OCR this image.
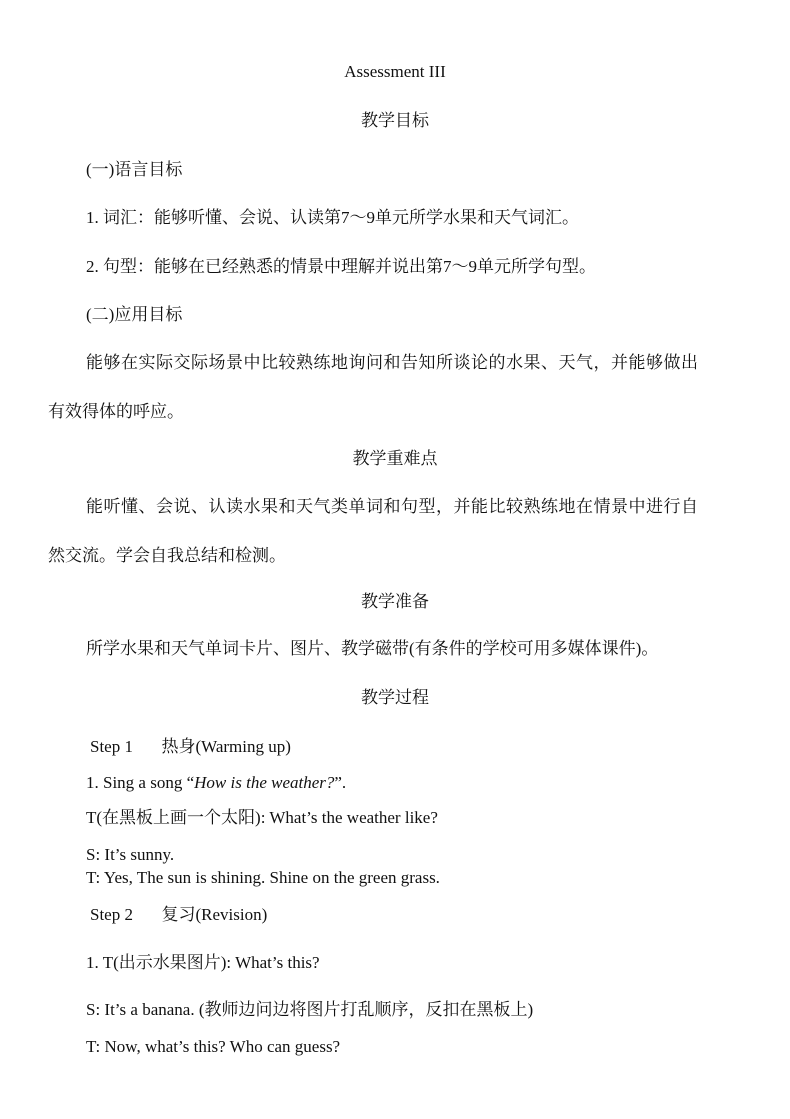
Assessment III
教学目标
(一)语言目标
1. 词汇：能够听懂、会说、认读第7～9单元所学水果和天气词汇。
2. 句型：能够在已经熟悉的情景中理解并说出第7～9单元所学句型。
(二)应用目标
能够在实际交际场景中比较熟练地询问和告知所谈论的水果、天气，并能够做出
有效得体的呼应。
教学重难点
能听懂、会说、认读水果和天气类单词和句型，并能比较熟练地在情景中进行自
然交流。学会自我总结和检测。
教学准备
所学水果和天气单词卡片、图片、教学磁带(有条件的学校可用多媒体课件)。
教学过程
Step 1 热身(Warming up)
1. Sing a song “How is the weather?”.
T(在黑板上画一个太阳): What’s the weather like?
S: It’s sunny.
T: Yes, The sun is shining. Shine on the green grass.
Step 2 复习(Revision)
1. T(出示水果图片): What’s this?
S: It’s a banana. (教师边问边将图片打乱顺序，反扣在黑板上)
T: Now, what’s this? Who can guess?
